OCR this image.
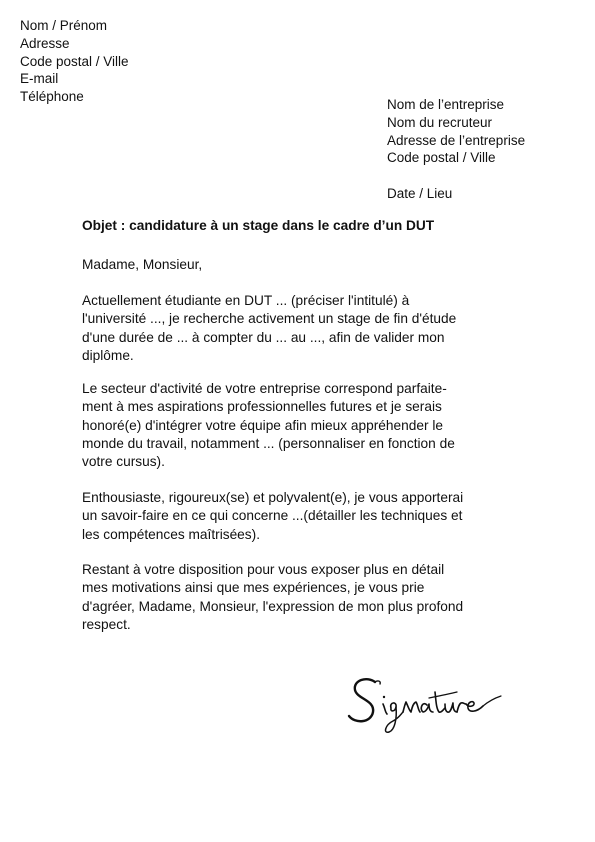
Nom / Prénom
Adresse
Code postal / Ville
E-mail
Téléphone
Nom de l’entreprise
Nom du recruteur
Adresse de l’entreprise
Code postal / Ville
Date / Lieu
Objet : candidature à un stage dans le cadre d’un DUT
Madame, Monsieur,
Actuellement étudiante en DUT ... (préciser l'intitulé) à
l'université ..., je recherche activement un stage de fin d'étude
d'une durée de ... à compter du ... au ..., afin de valider mon
diplôme.
Le secteur d'activité de votre entreprise correspond parfaite-
ment à mes aspirations professionnelles futures et je serais
honoré(e) d'intégrer votre équipe afin mieux appréhender le
monde du travail, notamment ... (personnaliser en fonction de
votre cursus).
Enthousiaste, rigoureux(se) et polyvalent(e), je vous apporterai
un savoir-faire en ce qui concerne ...(détailler les techniques et
les compétences maîtrisées).
Restant à votre disposition pour vous exposer plus en détail
mes motivations ainsi que mes expériences, je vous prie
d'agréer, Madame, Monsieur, l'expression de mon plus profond
respect.
